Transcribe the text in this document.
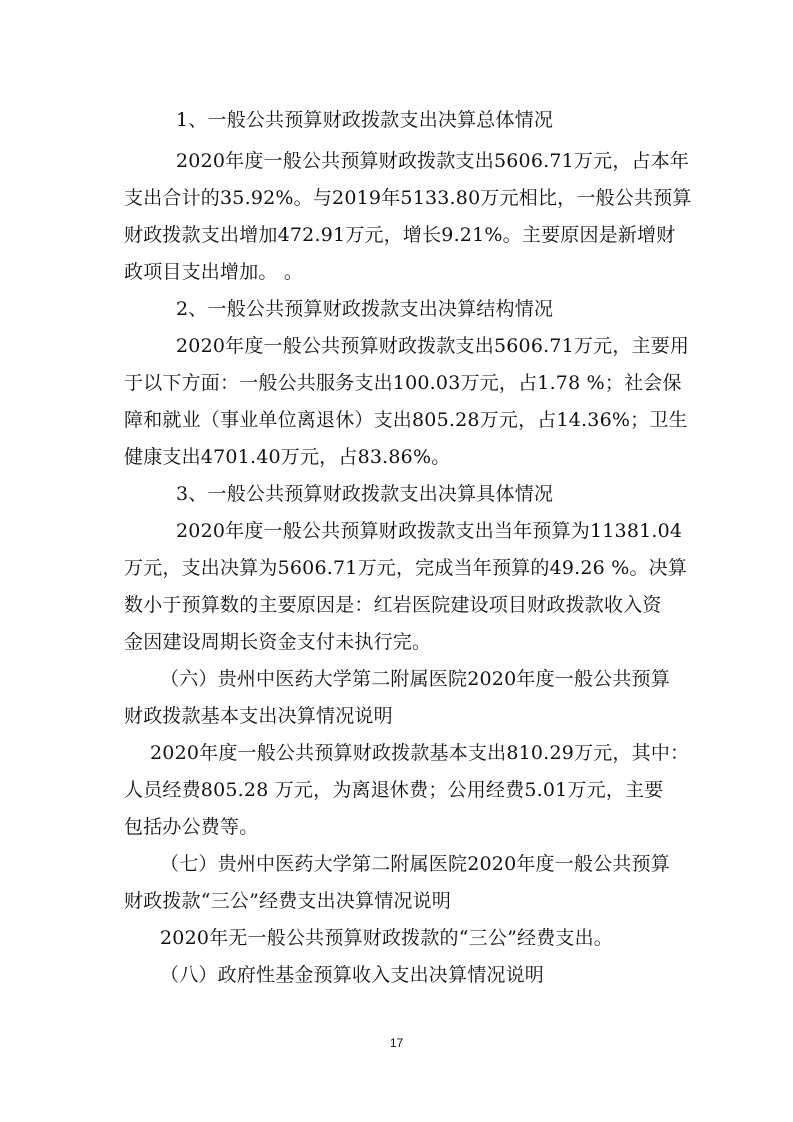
1、一般公共预算财政拨款支出决算总体情况
2020年度一般公共预算财政拨款支出5606.71万元，占本年
支出合计的35.92%。与2019年5133.80万元相比，一般公共预算
财政拨款支出增加472.91万元，增长9.21%。主要原因是新增财
政项目支出增加。 。
2、一般公共预算财政拨款支出决算结构情况
2020年度一般公共预算财政拨款支出5606.71万元，主要用
于以下方面：一般公共服务支出100.03万元，占1.78 %；社会保
障和就业（事业单位离退休）支出805.28万元，占14.36%；卫生
健康支出4701.40万元，占83.86%。
3、一般公共预算财政拨款支出决算具体情况
2020年度一般公共预算财政拨款支出当年预算为11381.04
万元，支出决算为5606.71万元，完成当年预算的49.26 %。决算
数小于预算数的主要原因是：红岩医院建设项目财政拨款收入资
金因建设周期长资金支付未执行完。
（六）贵州中医药大学第二附属医院2020年度一般公共预算
财政拨款基本支出决算情况说明
2020年度一般公共预算财政拨款基本支出810.29万元，其中：
人员经费805.28 万元，为离退休费；公用经费5.01万元，主要
包括办公费等。
（七）贵州中医药大学第二附属医院2020年度一般公共预算
财政拨款“三公”经费支出决算情况说明
2020年无一般公共预算财政拨款的“三公”经费支出。
（八）政府性基金预算收入支出决算情况说明
17
